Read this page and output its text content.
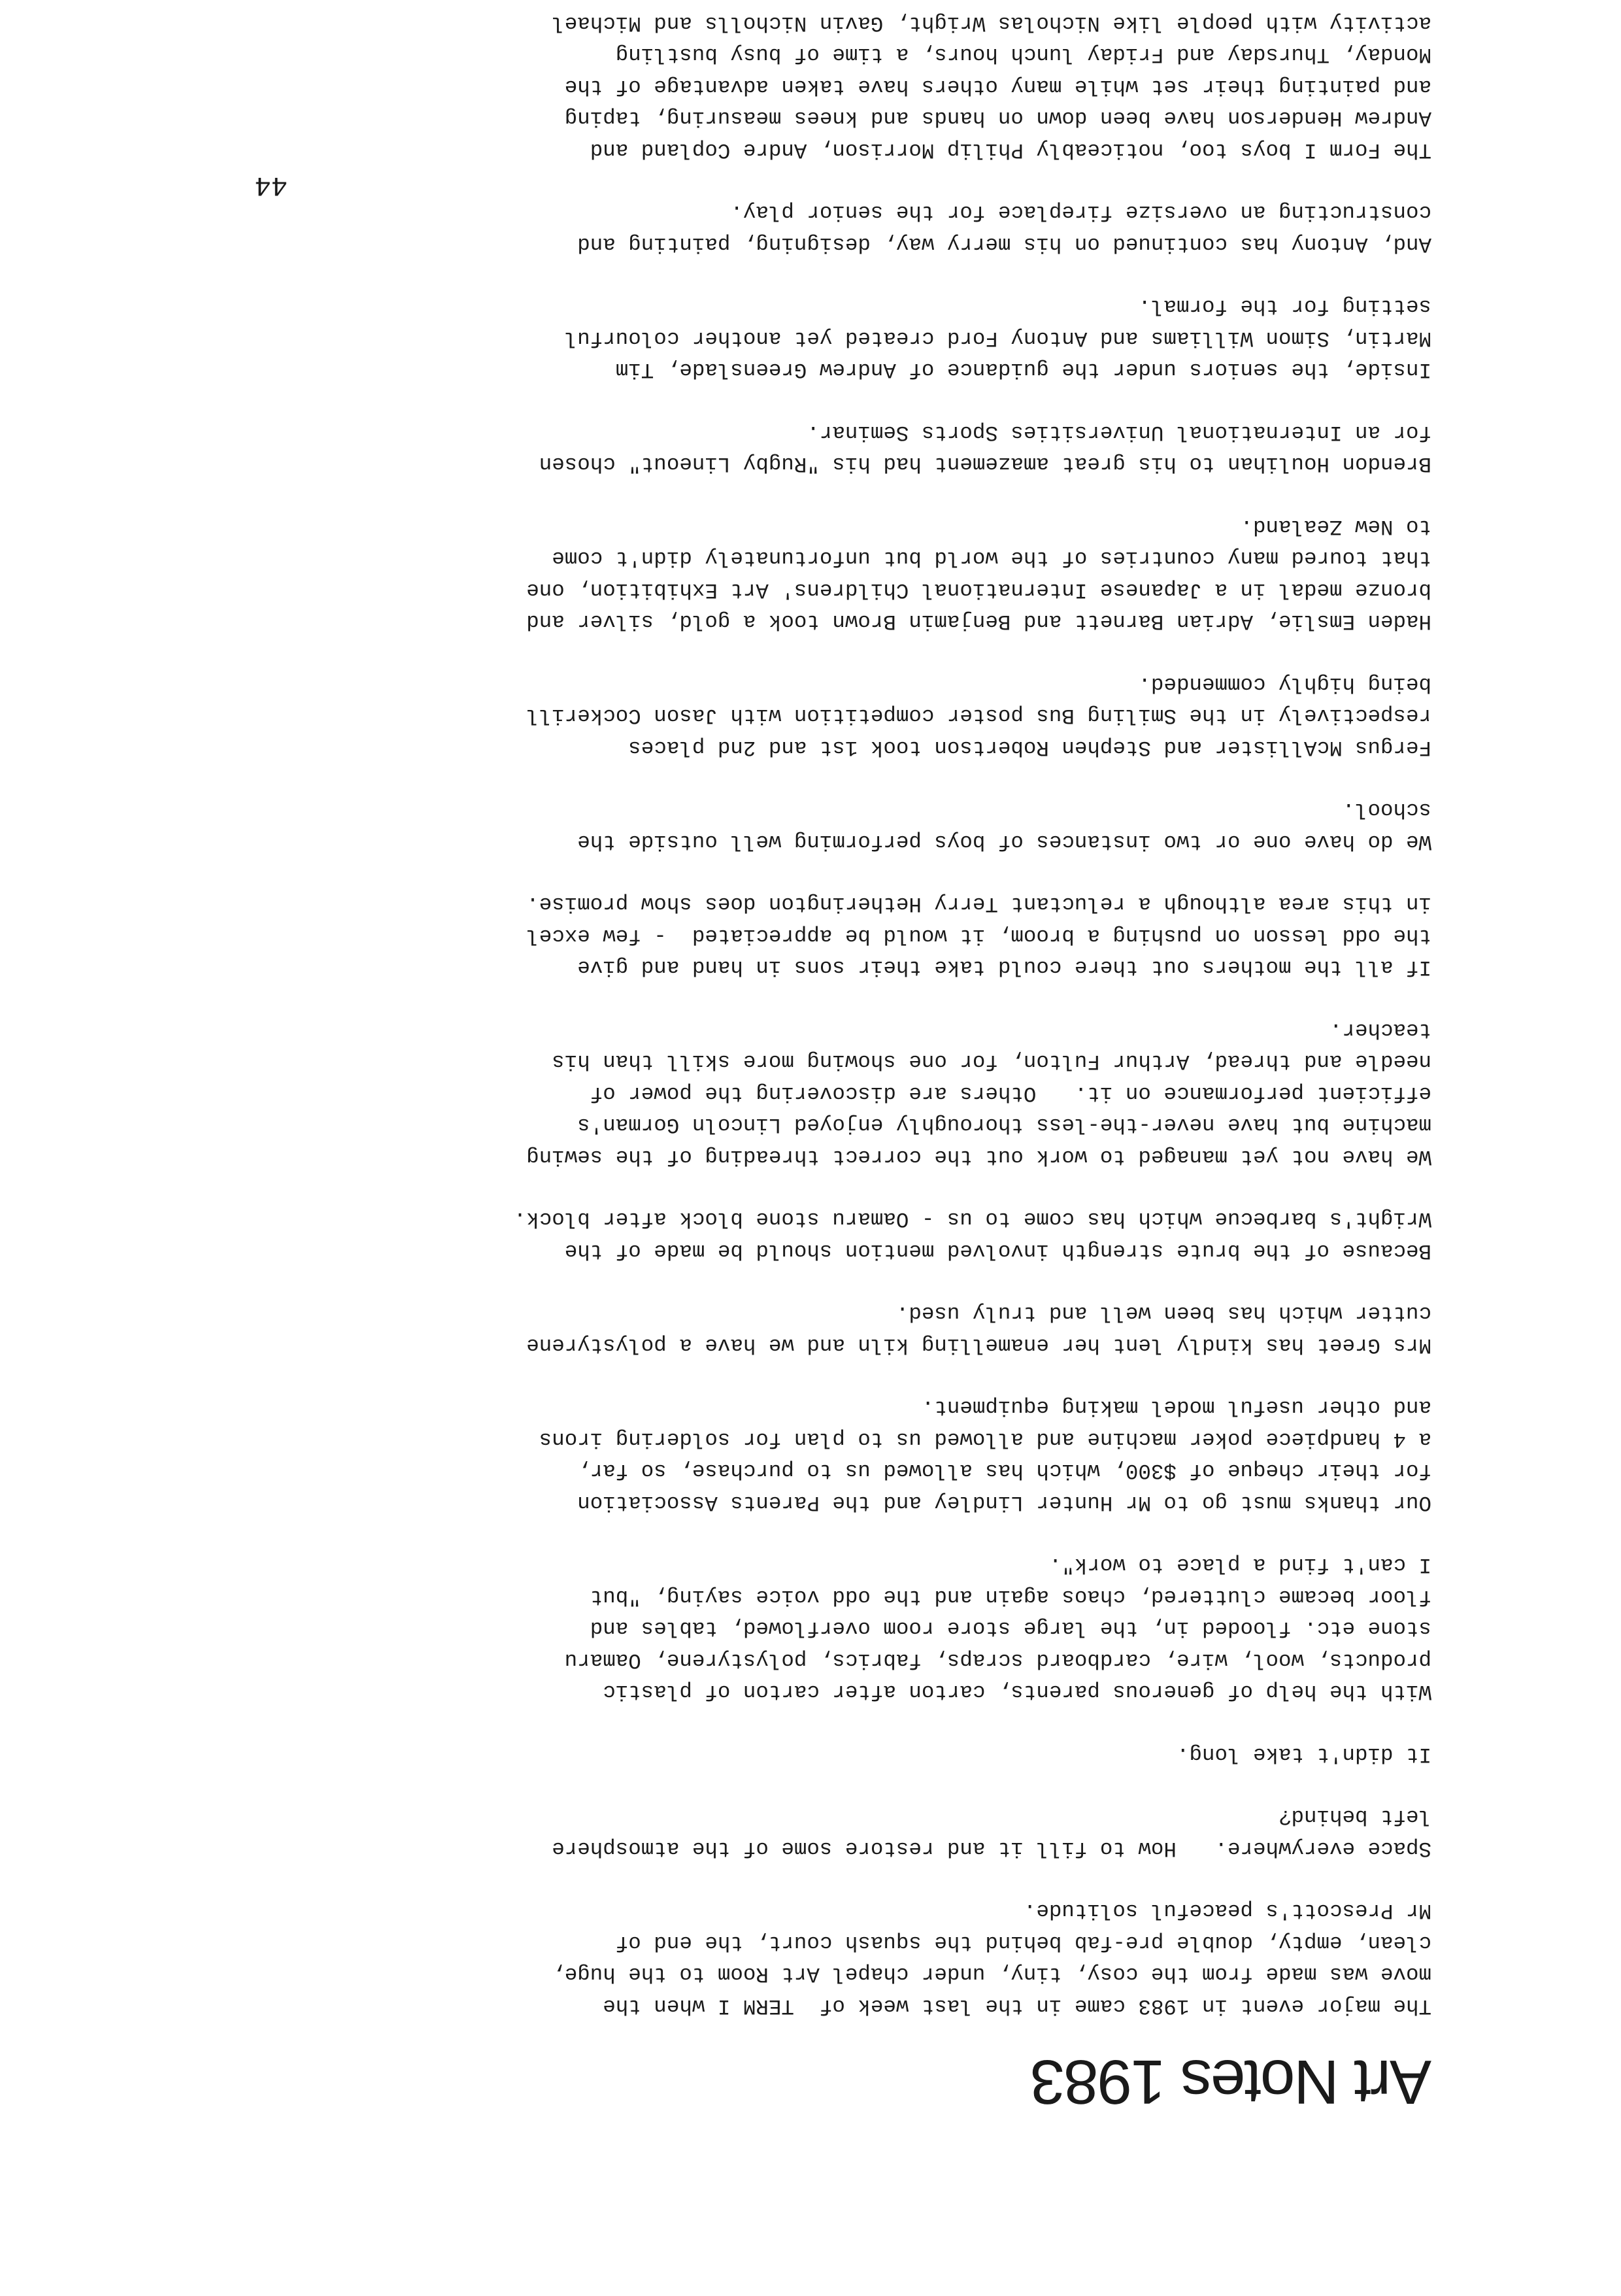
Art Notes 1983

The major event in 1983 came in the last week of  TERM I when the
move was made from the cosy, tiny, under chapel Art Room to the huge,
clean, empty, double pre-fab behind the squash court, the end of
Mr Prescott's peaceful solitude.

Space everywhere.   How to fill it and restore some of the atmosphere
left behind?

It didn't take long.

With the help of generous parents, carton after carton of plastic
products, wool, wire, cardboard scraps, fabrics, polystyrene, Oamaru
stone etc. flooded in, the large store room overflowed, tables and
floor became cluttered, chaos again and the odd voice saying, "but
I can't find a place to work".

Our thanks must go to Mr Hunter Lindley and the Parents Association
for their cheque of $300, which has allowed us to purchase, so far,
a 4 handpiece poker machine and allowed us to plan for soldering irons
and other useful model making equipment.

Mrs Greet has kindly lent her enamelling kiln and we have a polystyrene
cutter which has been well and truly used.

Because of the brute strength involved mention should be made of the
Wright's barbecue which has come to us - Oamaru stone block after block.

We have not yet managed to work out the correct threading of the sewing
machine but have never-the-less thoroughly enjoyed Lincoln Gorman's
efficient performance on it.   Others are discovering the power of
needle and thread, Arthur Fulton, for one showing more skill than his
teacher.

If all the mothers out there could take their sons in hand and give
the odd lesson on pushing a broom, it would be appreciated  - few excel
in this area although a reluctant Terry Hetherington does show promise.

We do have one or two instances of boys performing well outside the
school.

Fergus McAllister and Stephen Robertson took 1st and 2nd places
respectively in the Smiling Bus poster competition with Jason Cockerill
being highly commended.

Haden Emslie, Adrian Barnett and Benjamin Brown took a gold, silver and
bronze medal in a Japanese International Childrens' Art Exhibition, one
that toured many countries of the world but unfortunately didn't come
to New Zealand.

Brendon Houlihan to his great amazement had his "Rugby Lineout" chosen
for an International Universities Sports Seminar.

Inside, the seniors under the guidance of Andrew Greenslade, Tim
Martin, Simon Williams and Antony Ford created yet another colourful
setting for the formal.

And, Antony has continued on his merry way, designing, painting and
constructing an oversize fireplace for the senior play.

The Form I boys too, noticeably Philip Morrison, Andre Copland and
Andrew Henderson have been down on hands and knees measuring, taping
and painting their set while many others have taken advantage of the
Monday, Thursday and Friday lunch hours, a time of busy bustling
activity with people like Nicholas Wright, Gavin Nicholls and Michael

44
